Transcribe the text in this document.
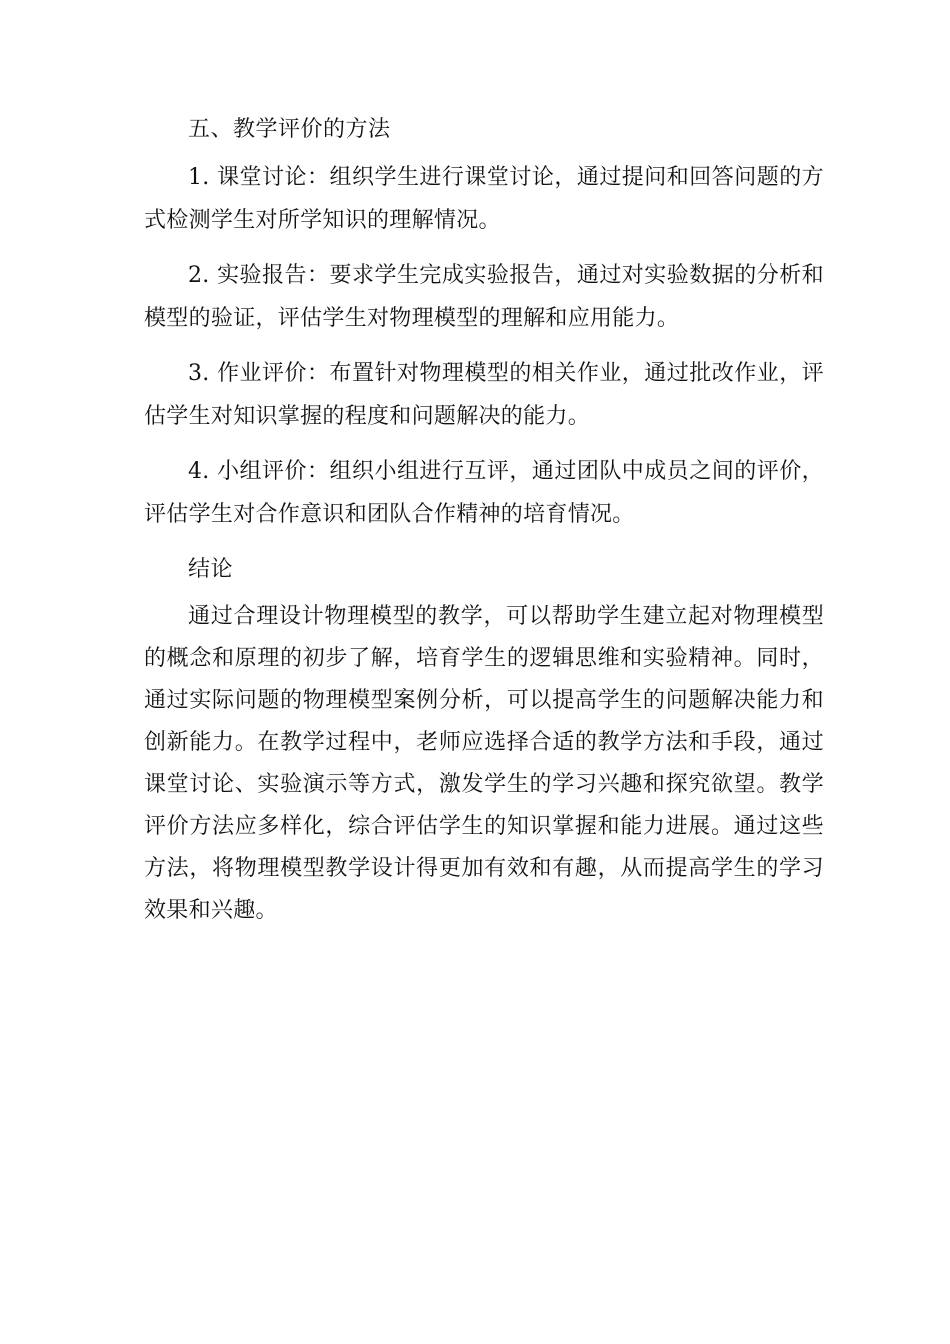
五、教学评价的方法

1. 课堂讨论：组织学生进行课堂讨论，通过提问和回答问题的方式检测学生对所学知识的理解情况。

2. 实验报告：要求学生完成实验报告，通过对实验数据的分析和模型的验证，评估学生对物理模型的理解和应用能力。

3. 作业评价：布置针对物理模型的相关作业，通过批改作业，评估学生对知识掌握的程度和问题解决的能力。

4. 小组评价：组织小组进行互评，通过团队中成员之间的评价，评估学生对合作意识和团队合作精神的培育情况。

结论

通过合理设计物理模型的教学，可以帮助学生建立起对物理模型的概念和原理的初步了解，培育学生的逻辑思维和实验精神。同时，通过实际问题的物理模型案例分析，可以提高学生的问题解决能力和创新能力。在教学过程中，老师应选择合适的教学方法和手段，通过课堂讨论、实验演示等方式，激发学生的学习兴趣和探究欲望。教学评价方法应多样化，综合评估学生的知识掌握和能力进展。通过这些方法，将物理模型教学设计得更加有效和有趣，从而提高学生的学习效果和兴趣。
